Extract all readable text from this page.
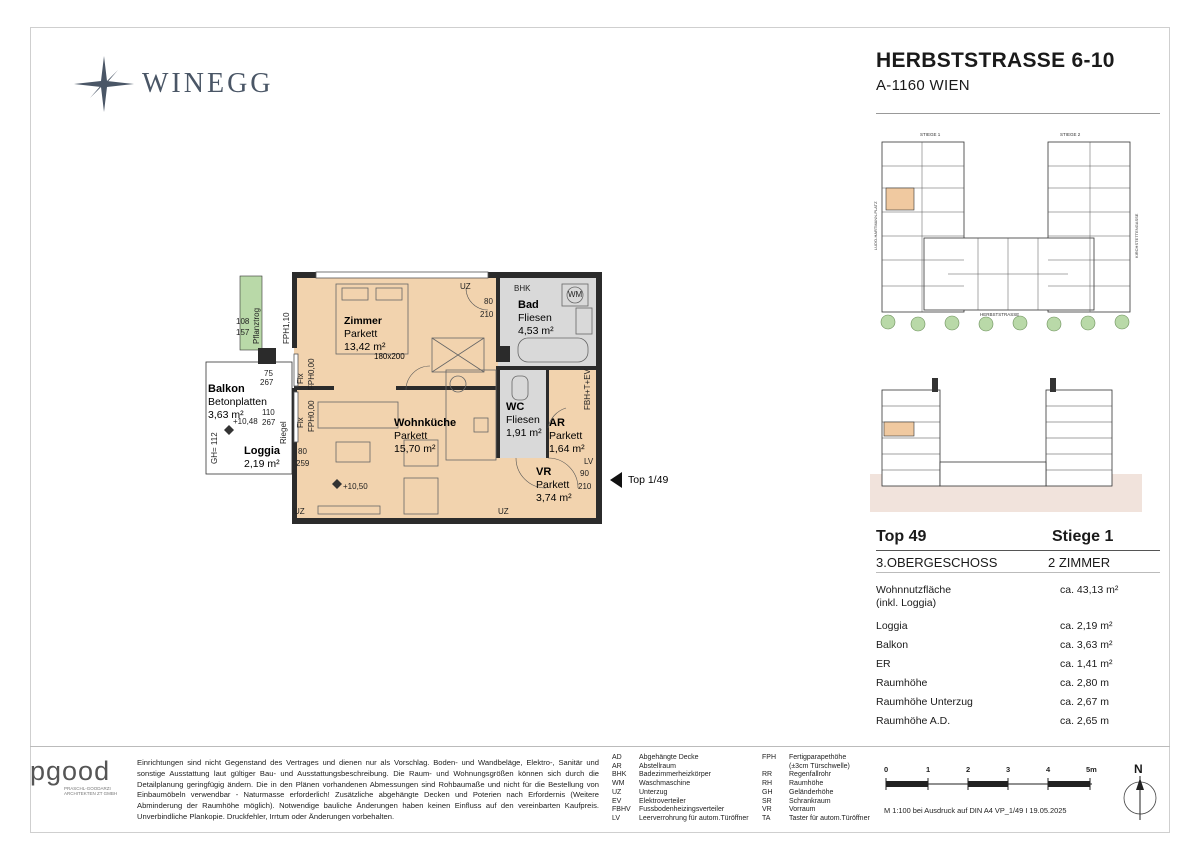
WINEGG
HERBSTSTRASSE 6-10
A-1160 WIEN
STIEGE 1	STIEGE 2
LUDO-HARTMANN-PLATZ
HERBSTSTRASSE
KIRCHSTETTENGASSE
Top 49	Stiege 1
3.OBERGESCHOSS	2 ZIMMER
Wohnnutzfläche
(inkl. Loggia)
ca. 43,13 m²
Loggia	ca. 2,19 m²
Balkon	ca. 3,63 m²
ER	ca. 1,41 m²
Raumhöhe	ca. 2,80 m
Raumhöhe Unterzug	ca. 2,67 m
Raumhöhe A.D.	ca. 2,65 m
Zimmer
Parkett
13,42 m²
180x200
Bad
Fliesen
4,53 m²
Wohnküche
Parkett
15,70 m²
WC
Fliesen
1,91 m²
AR
Parkett
1,64 m²
VR
Parkett
3,74 m²
Balkon
Betonplatten
3,63 m²
Loggia
2,19 m²
UZ	BHK
WM
UZ	UZ
80
210
108
157
75
267
110
267
80
259
90
210
+10,48
+10,50
Fix FPH0,00
FPH0,00
Fix
FPH1,10
Pflanztrog
GH= 112	Riegel
FBH+T+EV
LV
Top 1/49
pgood
PRASCHL-GOODARZI ARCHITEKTEN ZT GMBH
Einrichtungen sind nicht Gegenstand des Vertrages und dienen nur als Vorschlag. Boden- und Wandbeläge, Elektro-, Sanitär und sonstige Ausstattung laut gültiger Bau- und Ausstattungsbeschreibung. Die Raum- und Wohnungsgrößen können sich durch die Detailplanung geringfügig ändern. Die in den Plänen vorhandenen Abmessungen sind Rohbaumaße und nicht für die Bestellung von Einbaumöbeln verwendbar - Naturmasse erforderlich! Zusätzliche abgehängte Decken und Poterien nach Erfordernis (Weitere Abminderung der Raumhöhe möglich). Notwendige bauliche Änderungen haben keinen Einfluss auf den vereinbarten Kaufpreis. Unverbindliche Plankopie. Druckfehler, Irrtum oder Änderungen vorbehalten.
AD	Abgehängte Decke
AR	Abstellraum
BHK	Badezimmerheizkörper
WM	Waschmaschine
UZ	Unterzug
EV	Elektroverteiler
FBHV	Fussbodenheizingsverteiler
LV	Leerverrohrung für autom.Türöffner
FPH	Fertigparapethöhe
(±3cm Türschwelle)
RR	Regenfallrohr
RH	Raumhöhe
GH	Geländerhöhe
SR	Schrankraum
VR	Vorraum
TA	Taster für autom.Türöffner
0	1	2	3	4	5m
M 1:100 bei Ausdruck auf DIN A4 VP_1/49 I 19.05.2025
N
